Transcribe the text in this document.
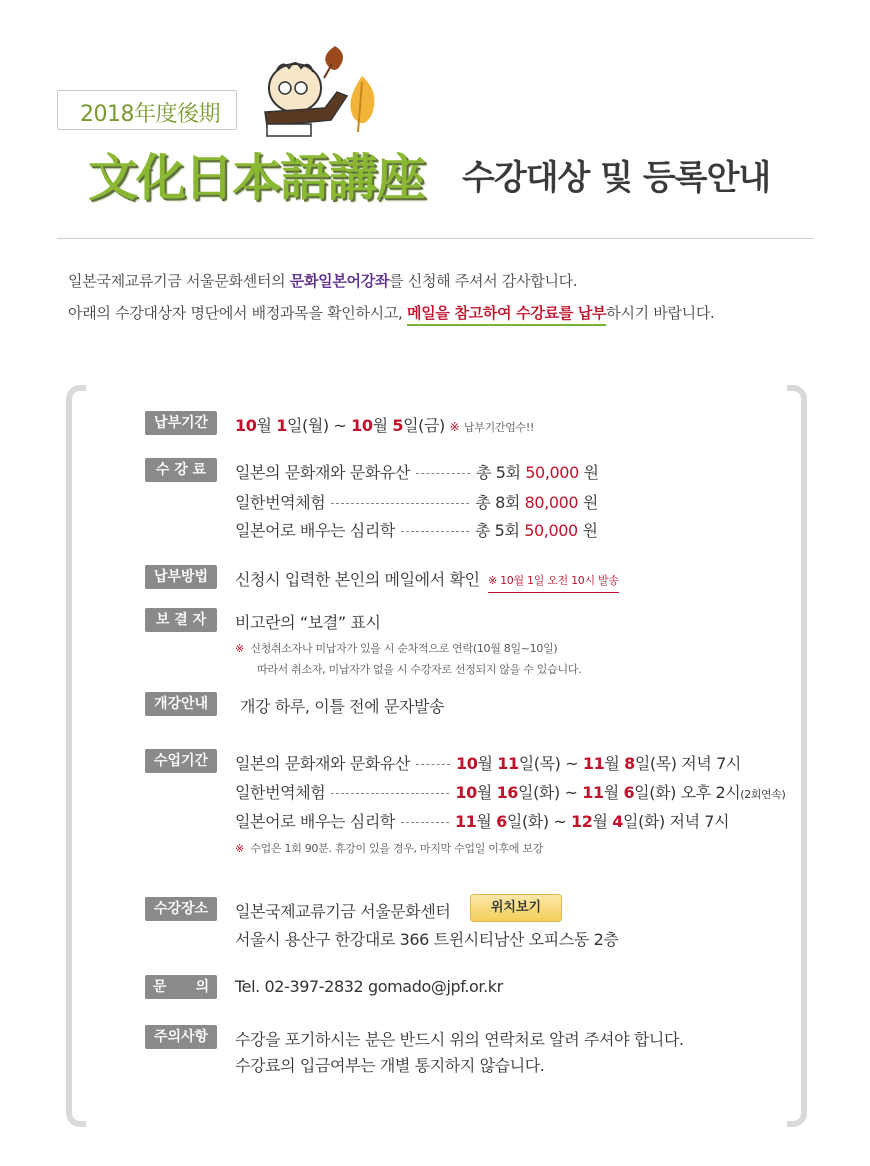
2018年度後期
文化日本語講座 수강대상 및 등록안내
일본국제교류기금 서울문화센터의 문화일본어강좌를 신청해 주셔서 감사합니다.
아래의 수강대상자 명단에서 배정과목을 확인하시고, 메일을 참고하여 수강료를 납부하시기 바랍니다.
납부기간	10월 1일(월) ~ 10월 5일(금) ※ 납부기간엄수!!
수 강 료	일본의 문화재와 문화유산	총 5회 50,000 원
일한번역체험	총 8회 80,000 원
일본어로 배우는 심리학	총 5회 50,000 원
납부방법	신청시 입력한 본인의 메일에서 확인 ※ 10월 1일 오전 10시 발송
보 결 자	비고란의 “보결” 표시
※ 신청취소자나 미납자가 있을 시 순차적으로 연락(10월 8일~10일)
따라서 취소자, 미납자가 없을 시 수강자로 선정되지 않을 수 있습니다.
개강안내	개강 하루, 이틀 전에 문자발송
수업기간	일본의 문화재와 문화유산	10월 11일(목) ~ 11월 8일(목) 저녁 7시
일한번역체험	10월 16일(화) ~ 11월 6일(화) 오후 2시(2회연속)
일본어로 배우는 심리학	11월 6일(화) ~ 12월 4일(화) 저녁 7시
※ 수업은 1회 90분. 휴강이 있을 경우, 마지막 수업일 이후에 보강
수강장소	일본국제교류기금 서울문화센터	위치보기
서울시 용산구 한강대로 366 트윈시티남산 오피스동 2층
문      의	Tel. 02-397-2832 gomado@jpf.or.kr
주의사항	수강을 포기하시는 분은 반드시 위의 연락처로 알려 주셔야 합니다.
수강료의 입금여부는 개별 통지하지 않습니다.
